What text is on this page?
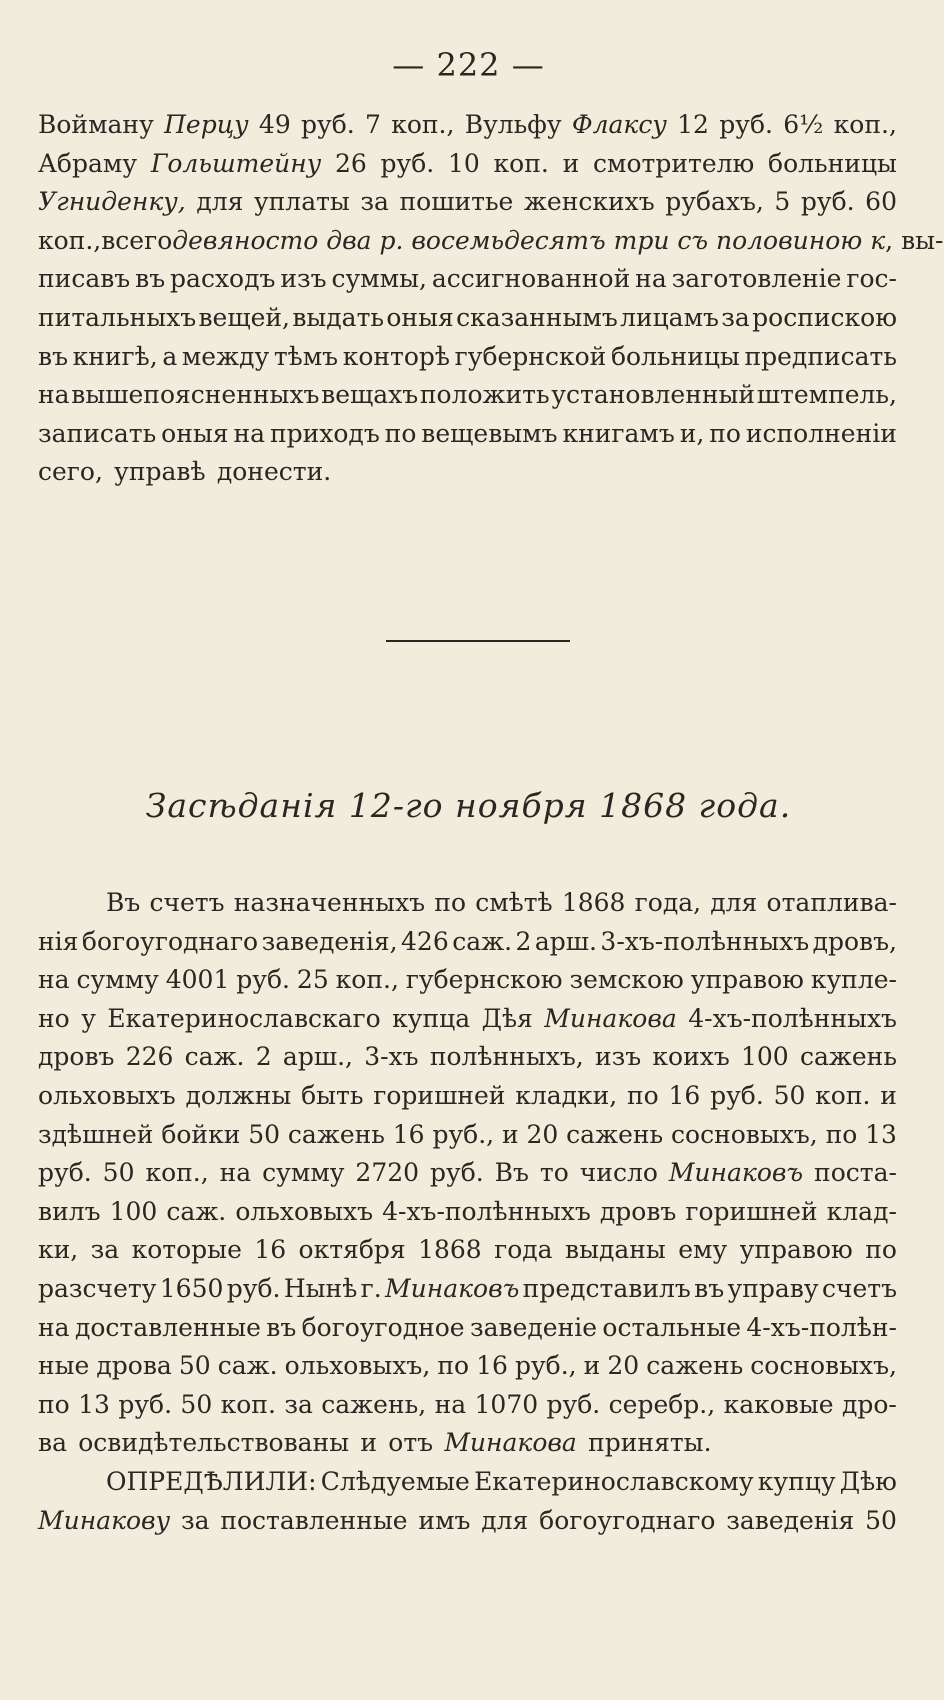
— 222 —
Войману Перцу 49 руб. 7 коп., Вульфу Флаксу 12 руб. 6½ коп.,
Абраму Гольштейну 26 руб. 10 коп. и смотрителю больницы
Угниденку, для уплаты за пошитье женскихъ рубахъ, 5 руб. 60
коп., всего девяносто два р. восемьдесятъ три съ половиною к , вы-
писавъ въ расходъ изъ суммы, ассигнованной на заготовленіе гос-
питальныхъ вещей, выдать оныя сказаннымъ лицамъ за роспискою
въ книгѣ, а между тѣмъ конторѣ губернской больницы предписать
на вышепоясненныхъ вещахъ положить установленный штемпель,
записать оныя на приходъ по вещевымъ книгамъ и, по исполненіи
сего, управѣ донести.
Засѣданія 12-го ноября 1868 года.
Въ счетъ назначенныхъ по смѣтѣ 1868 года, для отаплива-
нія богоугоднаго заведенія, 426 саж. 2 арш. 3-хъ-полѣнныхъ дровъ,
на сумму 4001 руб. 25 коп., губернскою земскою управою купле-
но у Екатеринославскаго купца Дѣя Минакова 4-хъ-полѣнныхъ
дровъ 226 саж. 2 арш., 3-хъ полѣнныхъ, изъ коихъ 100 сажень
ольховыхъ должны быть горишней кладки, по 16 руб. 50 коп. и
здѣшней бойки 50 сажень 16 руб., и 20 сажень сосновыхъ, по 13
руб. 50 коп., на сумму 2720 руб. Въ то число Минаковъ поста-
вилъ 100 саж. ольховыхъ 4-хъ-полѣнныхъ дровъ горишней клад-
ки, за которые 16 октября 1868 года выданы ему управою по
разсчету 1650 руб. Нынѣ г. Минаковъ представилъ въ управу счетъ
на доставленные въ богоугодное заведеніе остальные 4-хъ-полѣн-
ные дрова 50 саж. ольховыхъ, по 16 руб., и 20 сажень сосновыхъ,
по 13 руб. 50 коп. за сажень, на 1070 руб. серебр., каковые дро-
ва освидѣтельствованы и отъ Минакова приняты.
ОПРЕДѢЛИЛИ: Слѣдуемые Екатеринославскому купцу Дѣю
Минакову за поставленные имъ для богоугоднаго заведенія 50
